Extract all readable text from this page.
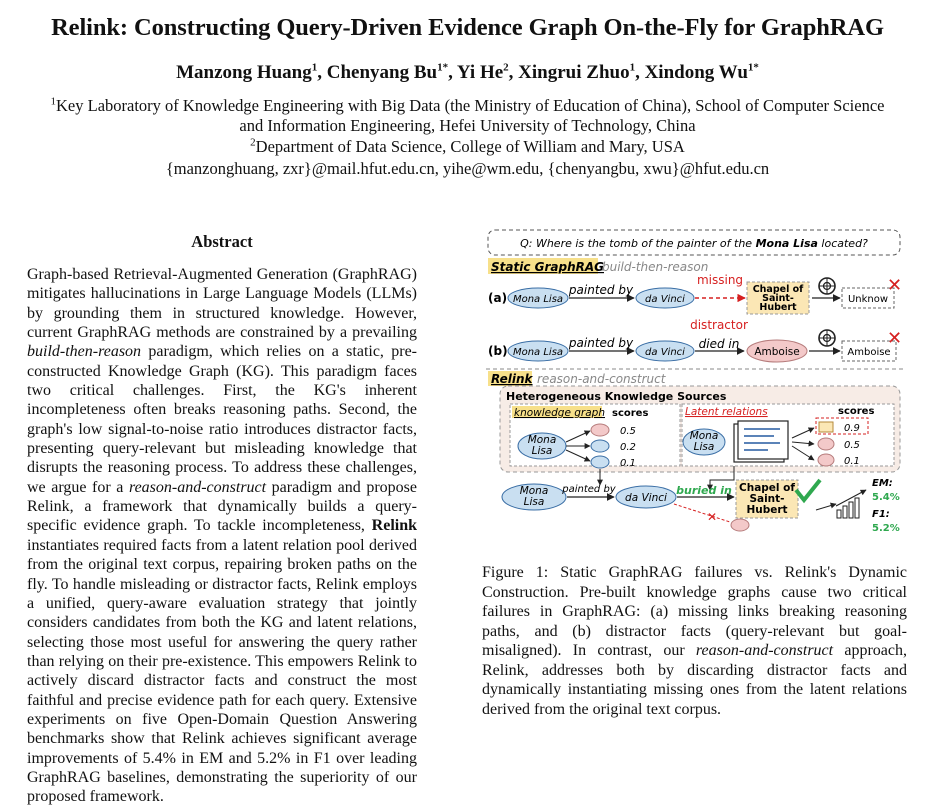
Relink: Constructing Query-Driven Evidence Graph On-the-Fly for GraphRAG
Manzong Huang$^1$, Chenyang $Bu^{1*}$, Yi He$^2$, Xingrui Zhuo$^1$, Xindong $Wu^{1*}$
$^1$Key Laboratory of Knowledge Engineering with Big Data (the Ministry of Education of China), School of Computer Science
and Information Engineering, Hefei University of Technology, China
$^2$Department of Data Science, College of William and Mary, USA
{manzonghuang, zxr}@mail.hfut.edu.cn, yihe@wm.edu, {chenyangbu, xwu}@hfut.edu.cn
Abstract

Graph-based Retrieval-Augmented Generation (GraphRAG) mitigates hallucinations in Large Language Models (LLMs) by grounding them in structured knowledge. However, current GraphRAG methods are constrained by a prevailing build-then-reason paradigm, which relies on a static, pre-constructed Knowledge Graph (KG). This paradigm faces two critical challenges. First, the KG's inherent incompleteness often breaks reasoning paths. Second, the graph's low signal-to-noise ratio introduces distractor facts, presenting query-relevant but misleading knowledge that disrupts the reasoning process. To address these challenges, we argue for a reason-and-construct paradigm and propose Relink, a framework that dynamically builds a query-specific evidence graph. To tackle incompleteness, Relink instantiates required facts from a latent relation pool derived from the original text corpus, repairing broken paths on the fly. To handle misleading or distractor facts, Relink employs a unified, query-aware evaluation strategy that jointly considers candidates from both the KG and latent relations, selecting those most useful for answering the query rather than relying on their pre-existence. This empowers Relink to actively discard distractor facts and construct the most faithful and precise evidence path for each query. Extensive experiments on five Open-Domain Question Answering benchmarks show that Relink achieves significant average improvements of 5.4% in EM and 5.2% in F1 over leading GraphRAG baselines, demonstrating the superiority of our proposed framework.

Q: Where is the tomb of the painter of the Mona Lisa located?
Static GraphRAG
build-then-reason
(a) Mona Lisa
painted by
da Vinci
missing
Chapel of
Saint-
Hubert
Unknow
✕
(b) Mona Lisa
painted by
da Vinci
distractor
died in
Amboise	Amboise
✕
Relink reason-and-construct
Heterogeneous Knowledge Sources
knowledge graph scores
Mona
Lisa
0.5
0.2
0.1
Latent relations	scores
Mona
Lisa
0.9
0.5
0.1
Mona
Lisa
painted by
da Vinci
buried in Chapel of
Saint-
Hubert
✕
EM:
5.4%
F1:
5.2%

Figure 1: Static GraphRAG failures vs. Relink's Dynamic Construction. Pre-built knowledge graphs cause two critical failures in GraphRAG: (a) missing links breaking reasoning paths, and (b) distractor facts (query-relevant but goal-misaligned). In contrast, our reason-and-construct approach, Relink, addresses both by discarding distractor facts and dynamically instantiating missing ones from the latent relations derived from the original text corpus.
